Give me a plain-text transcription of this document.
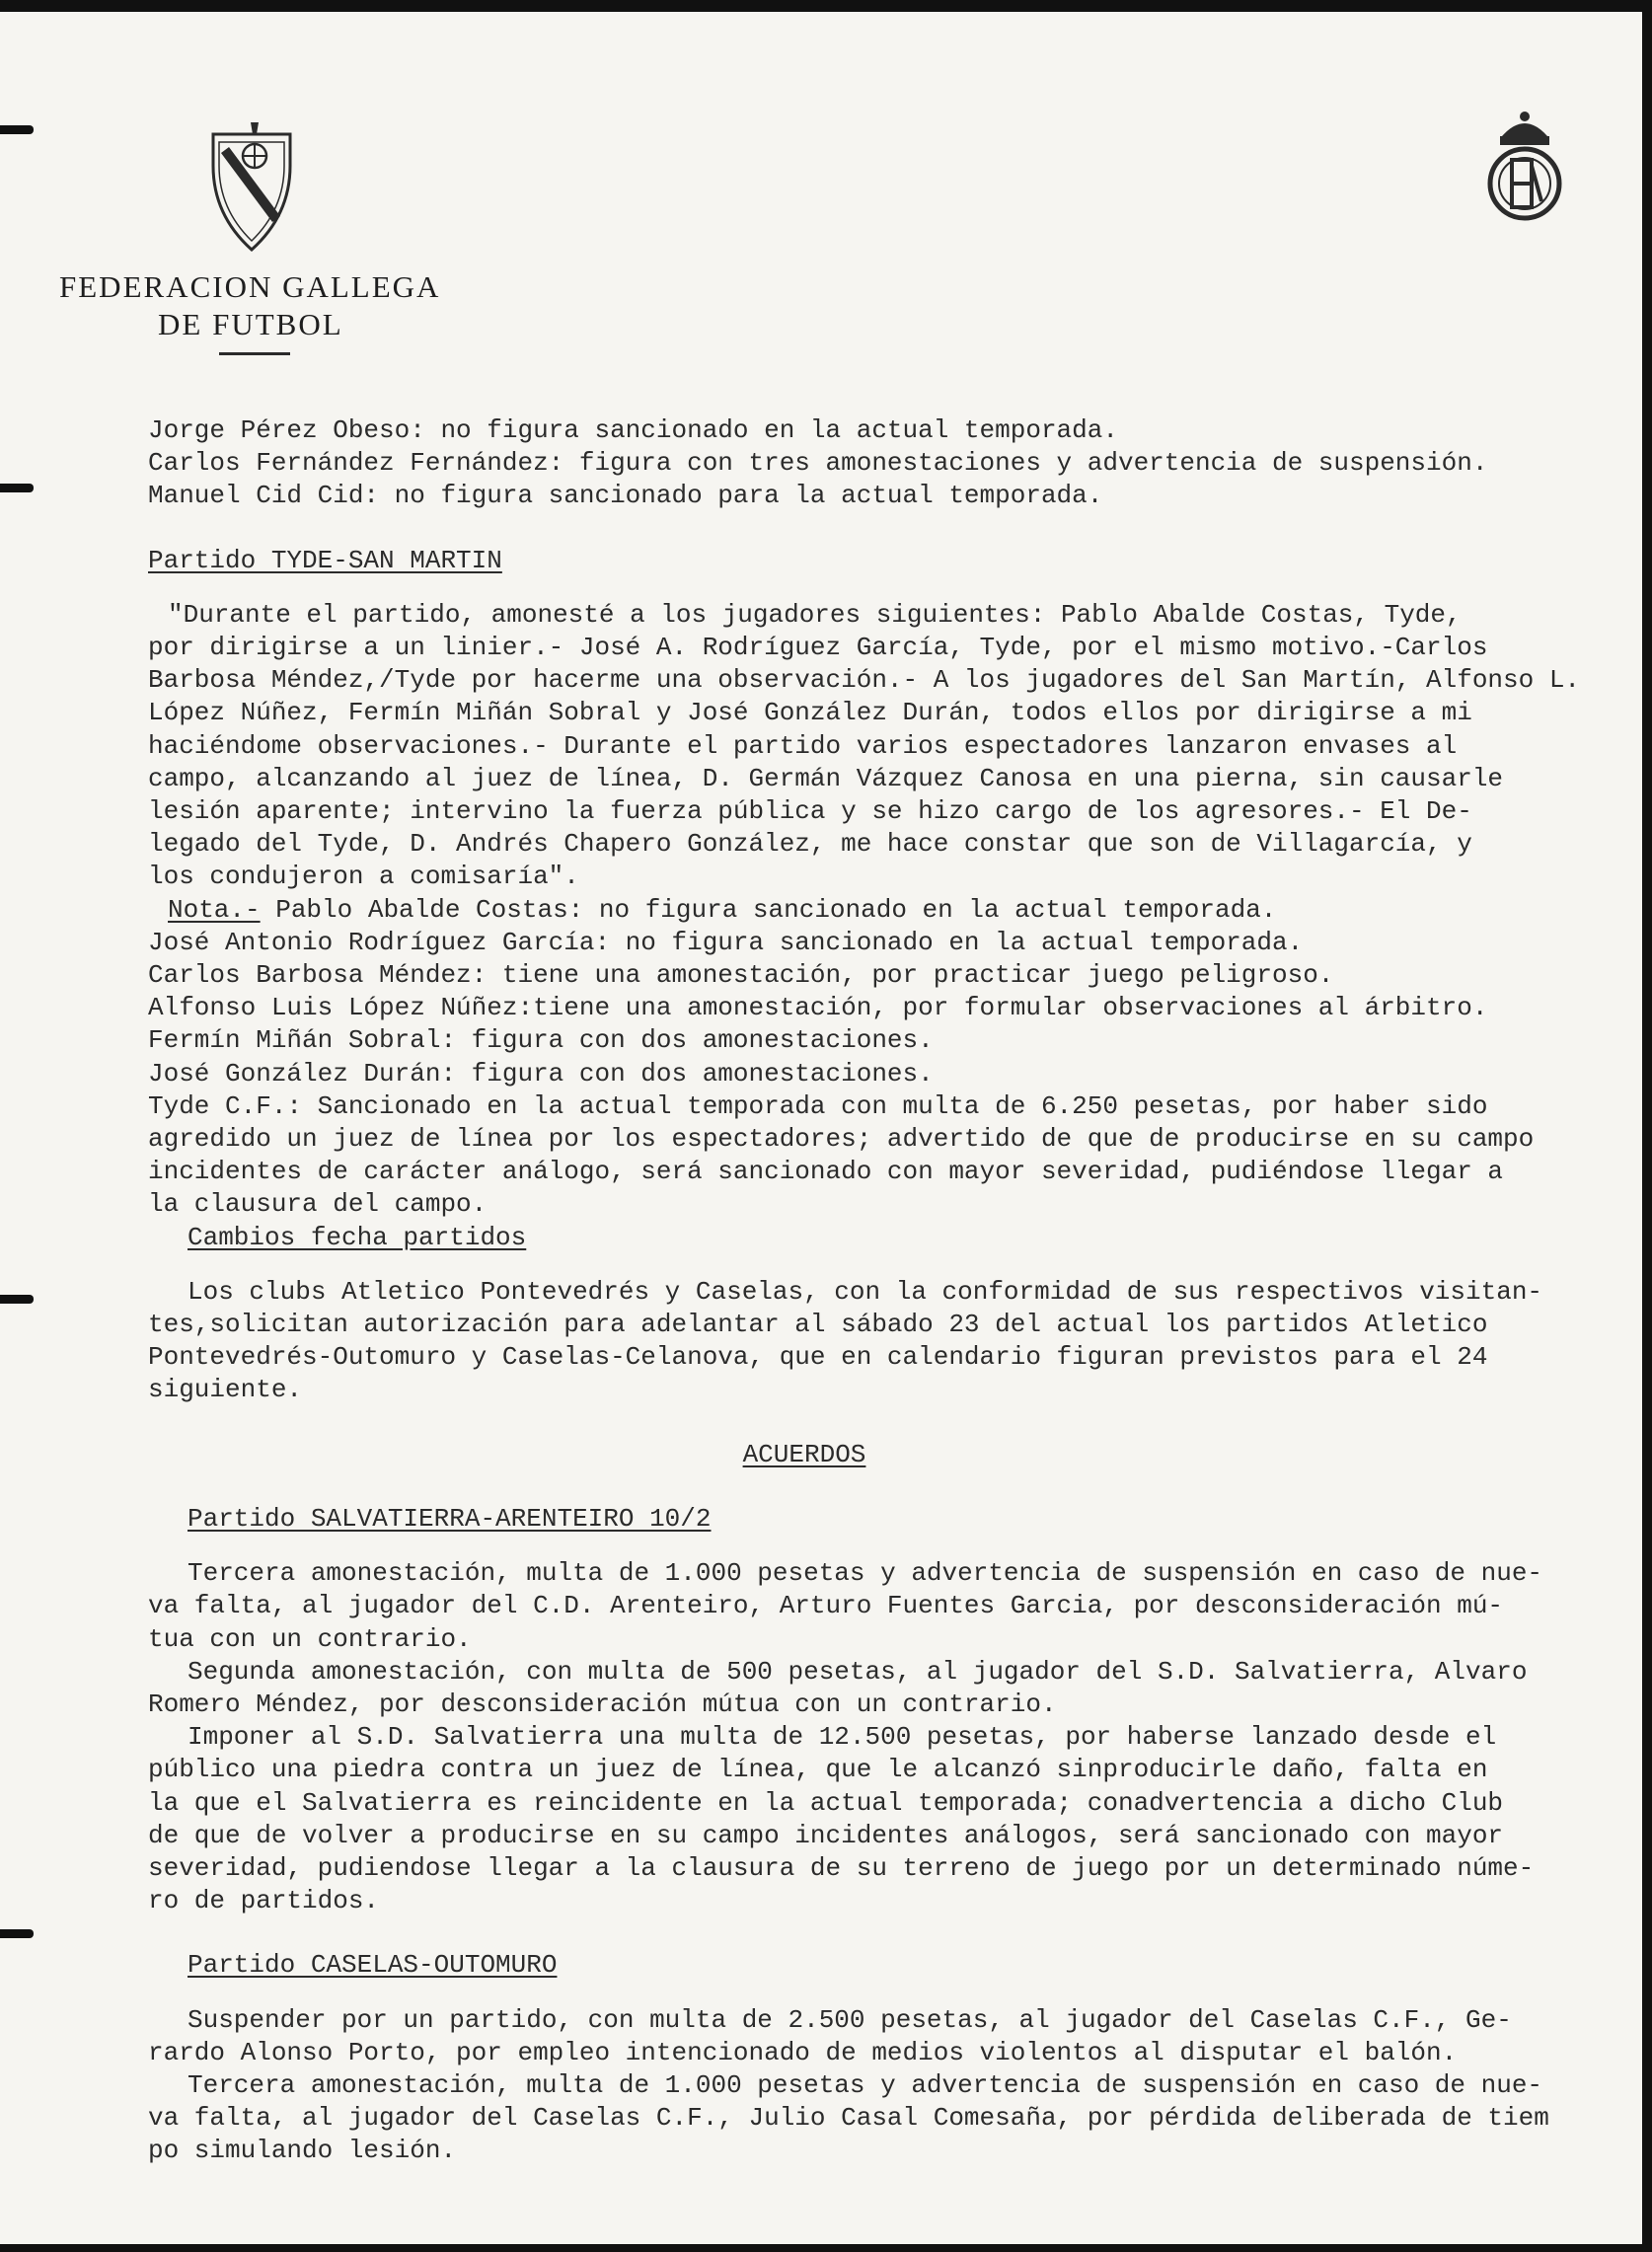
FEDERACION GALLEGA
DE FUTBOL

Jorge Pérez Obeso: no figura sancionado en la actual temporada.

Carlos Fernández Fernández: figura con tres amonestaciones y advertencia de suspensión.

Manuel Cid Cid: no figura sancionado para la actual temporada.

Partido TYDE-SAN MARTIN

"Durante el partido, amonesté a los jugadores siguientes: Pablo Abalde Costas, Tyde,

por dirigirse a un linier.- José A. Rodríguez García, Tyde, por el mismo motivo.-Carlos

Barbosa Méndez,/Tyde por hacerme una observación.- A los jugadores del San Martín, Alfonso L.

López Núñez, Fermín Miñán Sobral y José González Durán, todos ellos por dirigirse a mi

haciéndome observaciones.- Durante el partido varios espectadores lanzaron envases al

campo, alcanzando al juez de línea, D. Germán Vázquez Canosa en una pierna, sin causarle

lesión aparente; intervino la fuerza pública y se hizo cargo de los agresores.- El De-

legado del Tyde, D. Andrés Chapero González, me hace constar que son de Villagarcía, y

los condujeron a comisaría".

Nota.- Pablo Abalde Costas: no figura sancionado en la actual temporada.

José Antonio Rodríguez García: no figura sancionado en la actual temporada.

Carlos Barbosa Méndez: tiene una amonestación, por practicar juego peligroso.

Alfonso Luis López Núñez:tiene una amonestación, por formular observaciones al árbitro.

Fermín Miñán Sobral: figura con dos amonestaciones.

José González Durán: figura con dos amonestaciones.

Tyde C.F.: Sancionado en la actual temporada con multa de 6.250 pesetas, por haber sido

agredido un juez de línea por los espectadores; advertido de que de producirse en su campo

incidentes de carácter análogo, será sancionado con mayor severidad, pudiéndose llegar a

la clausura del campo.

Cambios fecha partidos

Los clubs Atletico Pontevedrés y Caselas, con la conformidad de sus respectivos visitan-

tes,solicitan autorización para adelantar al sábado 23 del actual los partidos Atletico

Pontevedrés-Outomuro y Caselas-Celanova, que en calendario figuran previstos para el 24

siguiente.

ACUERDOS

Partido SALVATIERRA-ARENTEIRO 10/2

Tercera amonestación, multa de 1.000 pesetas y advertencia de suspensión en caso de nue-

va falta, al jugador del C.D. Arenteiro, Arturo Fuentes Garcia, por desconsideración mú-

tua con un contrario.

Segunda amonestación, con multa de 500 pesetas, al jugador del S.D. Salvatierra, Alvaro

Romero Méndez, por desconsideración mútua con un contrario.

Imponer al S.D. Salvatierra una multa de 12.500 pesetas, por haberse lanzado desde el

público una piedra contra un juez de línea, que le alcanzó sinproducirle daño, falta en

la que el Salvatierra es reincidente en la actual temporada; conadvertencia a dicho Club

de que de volver a producirse en su campo incidentes análogos, será sancionado con mayor

severidad, pudiendose llegar a la clausura de su terreno de juego por un determinado núme-

ro de partidos.

Partido CASELAS-OUTOMURO

Suspender por un partido, con multa de 2.500 pesetas, al jugador del Caselas C.F., Ge-

rardo Alonso Porto, por empleo intencionado de medios violentos al disputar el balón.

Tercera amonestación, multa de 1.000 pesetas y advertencia de suspensión en caso de nue-

va falta, al jugador del Caselas C.F., Julio Casal Comesaña, por pérdida deliberada de tiem

po simulando lesión.
